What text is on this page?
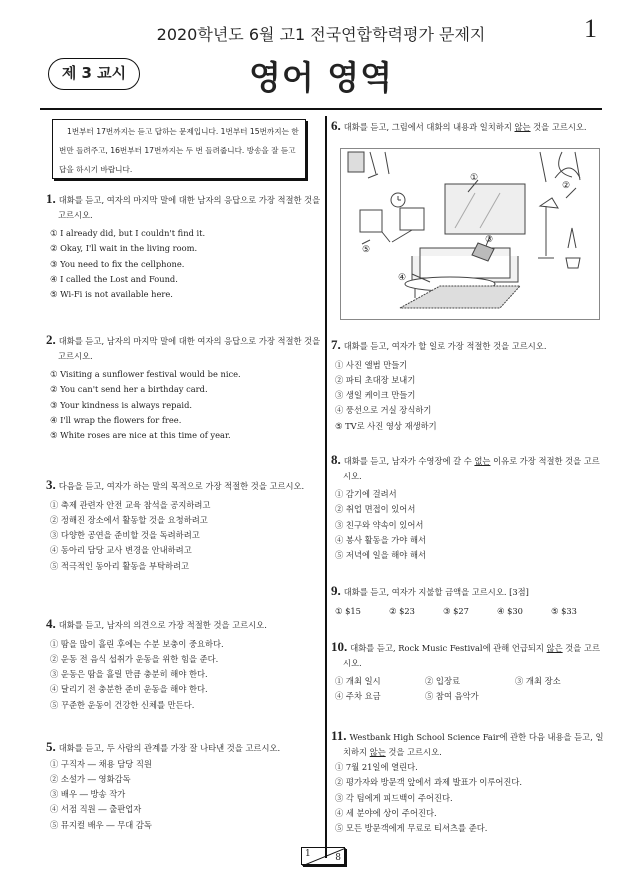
2020학년도 6월 고1 전국연합학력평가 문제지	1
제 3 교시	영어 영역
1번부터 17번까지는 듣고 답하는 문제입니다. 1번부터 15번까지는 한 번만 들려주고, 16번부터 17번까지는 두 번 들려줍니다. 방송을 잘 듣고 답을 하시기 바랍니다.
1. 대화를 듣고, 여자의 마지막 말에 대한 남자의 응답으로 가장 적절한 것을 고르시오.
① I already did, but I couldn't find it.
② Okay, I'll wait in the living room.
③ You need to fix the cellphone.
④ I called the Lost and Found.
⑤ Wi-Fi is not available here.
2. 대화를 듣고, 남자의 마지막 말에 대한 여자의 응답으로 가장 적절한 것을 고르시오.
① Visiting a sunflower festival would be nice.
② You can't send her a birthday card.
③ Your kindness is always repaid.
④ I'll wrap the flowers for free.
⑤ White roses are nice at this time of year.
3. 다음을 듣고, 여자가 하는 말의 목적으로 가장 적절한 것을 고르시오.
① 축제 관련자 안전 교육 참석을 공지하려고
② 정해진 장소에서 활동할 것을 요청하려고
③ 다양한 공연을 준비할 것을 독려하려고
④ 동아리 담당 교사 변경을 안내하려고
⑤ 적극적인 동아리 활동을 부탁하려고
4. 대화를 듣고, 남자의 의견으로 가장 적절한 것을 고르시오.
① 땀을 많이 흘린 후에는 수분 보충이 중요하다.
② 운동 전 음식 섭취가 운동을 위한 힘을 준다.
③ 운동은 땀을 흘릴 만큼 충분히 해야 한다.
④ 달리기 전 충분한 준비 운동을 해야 한다.
⑤ 꾸준한 운동이 건강한 신체를 만든다.
5. 대화를 듣고, 두 사람의 관계를 가장 잘 나타낸 것을 고르시오.
① 구직자 ― 채용 담당 직원
② 소설가 ― 영화감독
③ 배우 ― 방송 작가
④ 서점 직원 ― 출판업자
⑤ 뮤지컬 배우 ― 무대 감독
6. 대화를 듣고, 그림에서 대화의 내용과 일치하지 않는 것을 고르시오.
①
②
③
④
⑤
7. 대화를 듣고, 여자가 할 일로 가장 적절한 것을 고르시오.
① 사진 앨범 만들기
② 파티 초대장 보내기
③ 생일 케이크 만들기
④ 풍선으로 거실 장식하기
⑤ TV로 사진 영상 재생하기
8. 대화를 듣고, 남자가 수영장에 갈 수 없는 이유로 가장 적절한 것을 고르시오.
① 감기에 걸려서
② 취업 면접이 있어서
③ 친구와 약속이 있어서
④ 봉사 활동을 가야 해서
⑤ 저녁에 일을 해야 해서
9. 대화를 듣고, 여자가 지불할 금액을 고르시오. [3점]
① $15	② $23	③ $27	④ $30	⑤ $33
10. 대화를 듣고, Rock Music Festival에 관해 언급되지 않은 것을 고르시오.
① 개최 일시	② 입장료	③ 개최 장소
④ 주차 요금	⑤ 참여 음악가
11. Westbank High School Science Fair에 관한 다음 내용을 듣고, 일치하지 않는 것을 고르시오.
① 7월 21일에 열린다.
② 평가자와 방문객 앞에서 과제 발표가 이루어진다.
③ 각 팀에게 피드백이 주어진다.
④ 세 분야에 상이 주어진다.
⑤ 모든 방문객에게 무료로 티셔츠를 준다.
1	8
